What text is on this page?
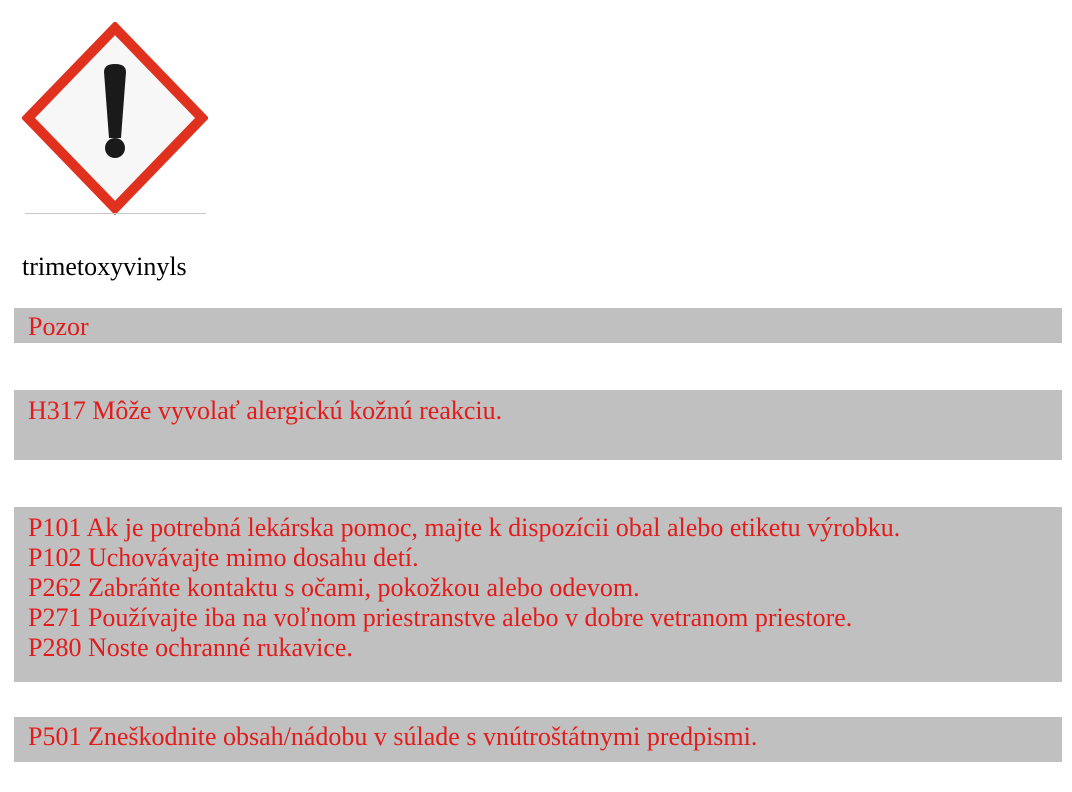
trimetoxyvinyls
Pozor
H317 Môže vyvolať alergickú kožnú reakciu.
P101 Ak je potrebná lekárska pomoc, majte k dispozícii obal alebo etiketu výrobku.
P102 Uchovávajte mimo dosahu detí.
P262 Zabráňte kontaktu s očami, pokožkou alebo odevom.
P271 Používajte iba na voľnom priestranstve alebo v dobre vetranom priestore.
P280 Noste ochranné rukavice.
P501 Zneškodnite obsah/nádobu v súlade s vnútroštátnymi predpismi.
